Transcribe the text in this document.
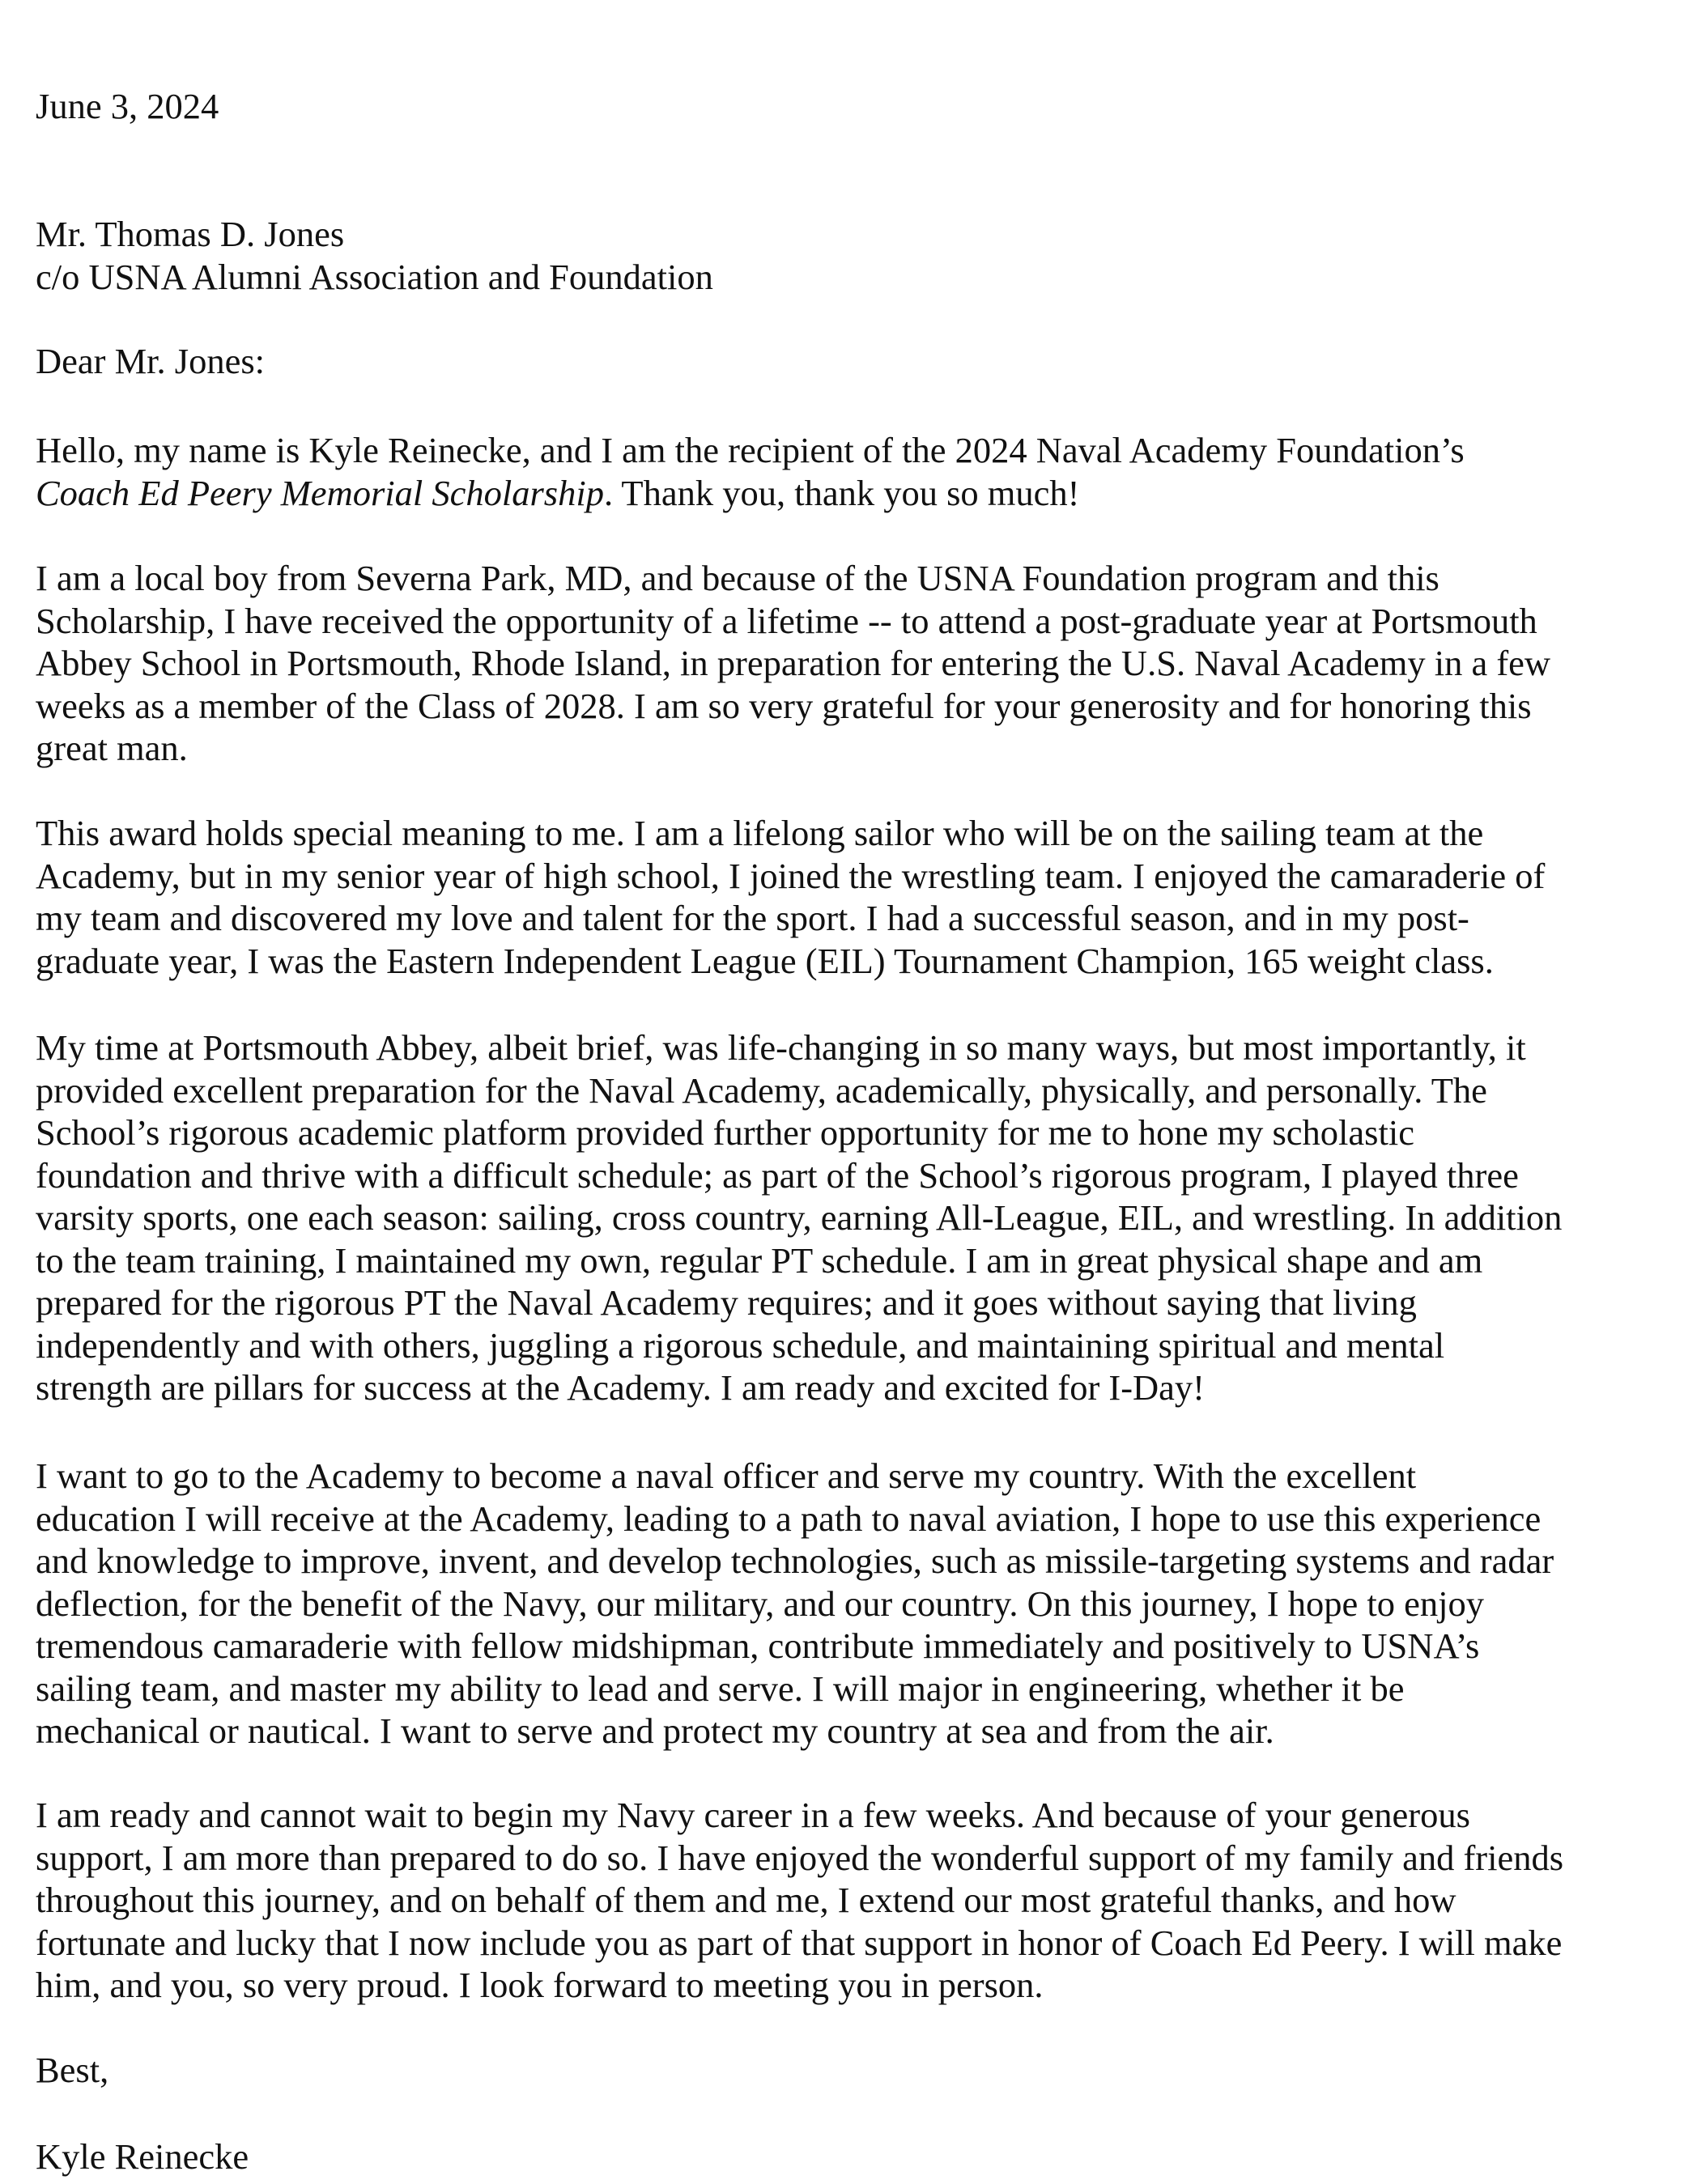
June 3, 2024
Mr. Thomas D. Jones
c/o USNA Alumni Association and Foundation
Dear Mr. Jones:
Hello, my name is Kyle Reinecke, and I am the recipient of the 2024 Naval Academy Foundation’s
Coach Ed Peery Memorial Scholarship. Thank you, thank you so much!
I am a local boy from Severna Park, MD, and because of the USNA Foundation program and this
Scholarship, I have received the opportunity of a lifetime -- to attend a post-graduate year at Portsmouth
Abbey School in Portsmouth, Rhode Island, in preparation for entering the U.S. Naval Academy in a few
weeks as a member of the Class of 2028. I am so very grateful for your generosity and for honoring this
great man.
This award holds special meaning to me. I am a lifelong sailor who will be on the sailing team at the
Academy, but in my senior year of high school, I joined the wrestling team. I enjoyed the camaraderie of
my team and discovered my love and talent for the sport. I had a successful season, and in my post-
graduate year, I was the Eastern Independent League (EIL) Tournament Champion, 165 weight class.
My time at Portsmouth Abbey, albeit brief, was life-changing in so many ways, but most importantly, it
provided excellent preparation for the Naval Academy, academically, physically, and personally. The
School’s rigorous academic platform provided further opportunity for me to hone my scholastic
foundation and thrive with a difficult schedule; as part of the School’s rigorous program, I played three
varsity sports, one each season: sailing, cross country, earning All-League, EIL, and wrestling. In addition
to the team training, I maintained my own, regular PT schedule. I am in great physical shape and am
prepared for the rigorous PT the Naval Academy requires; and it goes without saying that living
independently and with others, juggling a rigorous schedule, and maintaining spiritual and mental
strength are pillars for success at the Academy. I am ready and excited for I-Day!
I want to go to the Academy to become a naval officer and serve my country. With the excellent
education I will receive at the Academy, leading to a path to naval aviation, I hope to use this experience
and knowledge to improve, invent, and develop technologies, such as missile-targeting systems and radar
deflection, for the benefit of the Navy, our military, and our country. On this journey, I hope to enjoy
tremendous camaraderie with fellow midshipman, contribute immediately and positively to USNA’s
sailing team, and master my ability to lead and serve. I will major in engineering, whether it be
mechanical or nautical. I want to serve and protect my country at sea and from the air.
I am ready and cannot wait to begin my Navy career in a few weeks. And because of your generous
support, I am more than prepared to do so. I have enjoyed the wonderful support of my family and friends
throughout this journey, and on behalf of them and me, I extend our most grateful thanks, and how
fortunate and lucky that I now include you as part of that support in honor of Coach Ed Peery. I will make
him, and you, so very proud. I look forward to meeting you in person.
Best,
Kyle Reinecke
